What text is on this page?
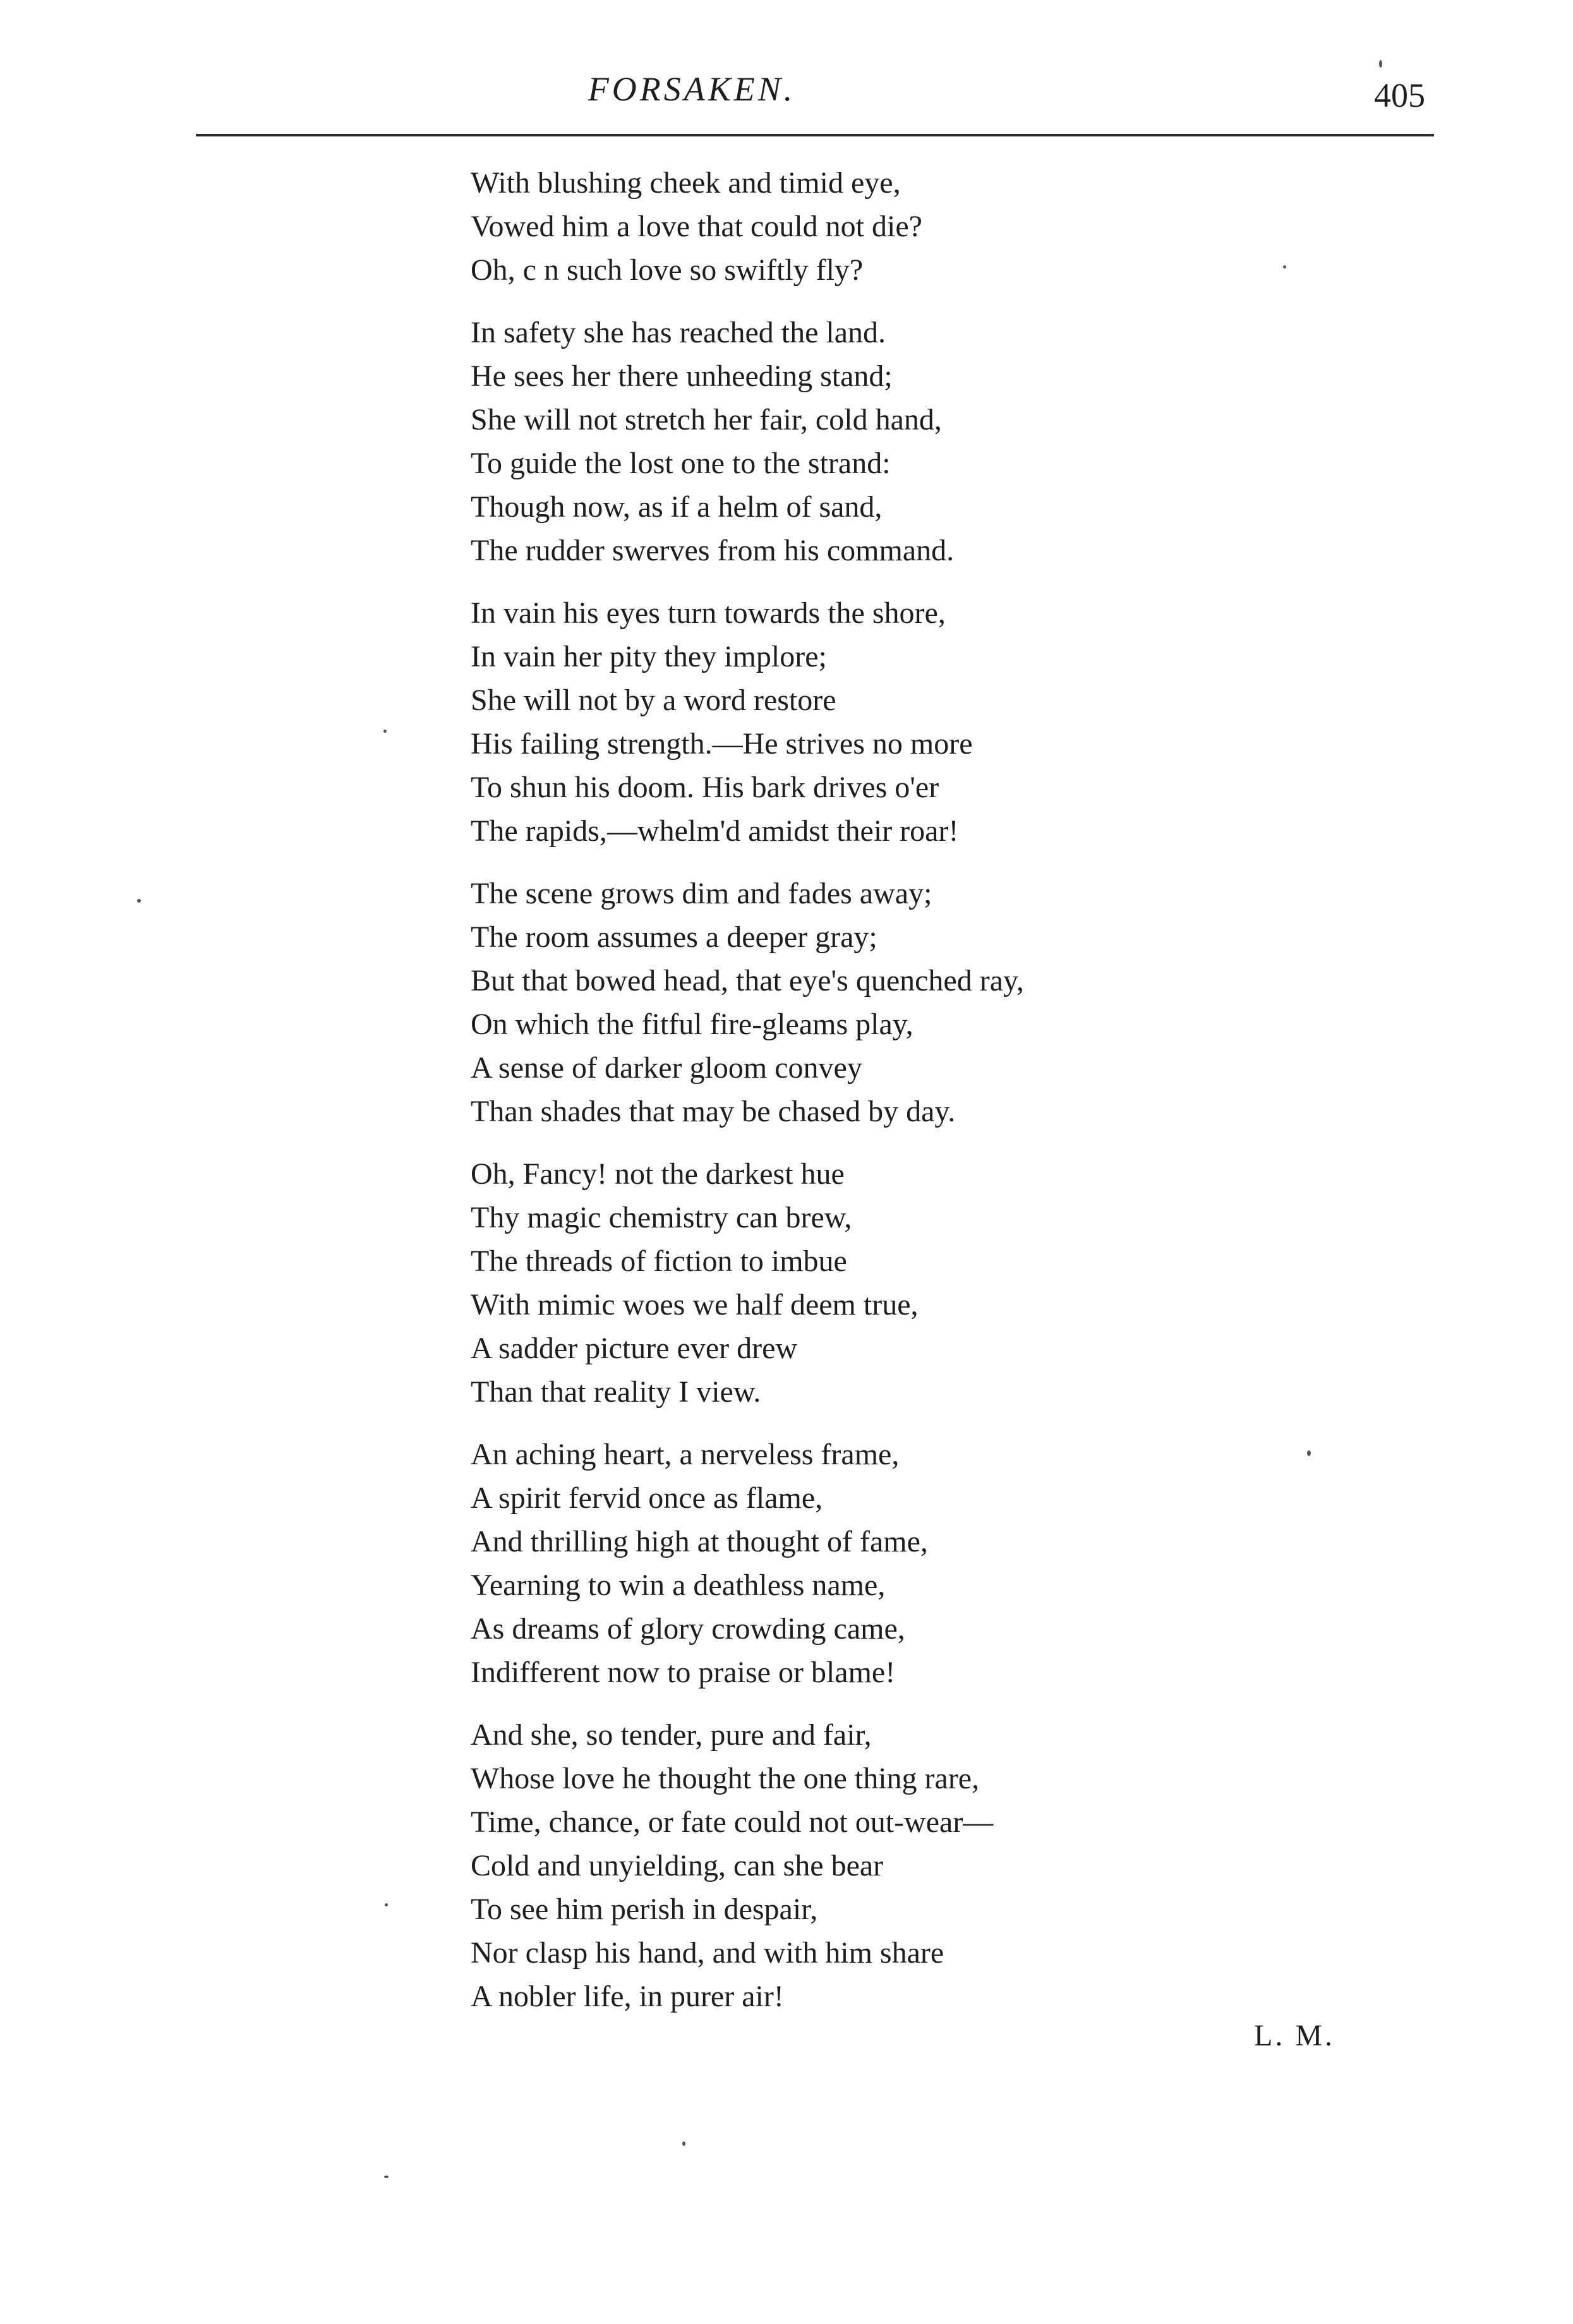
FORSAKEN.	405
With blushing cheek and timid eye,
Vowed him a love that could not die?
Oh, c n such love so swiftly fly?
In safety she has reached the land.
He sees her there unheeding stand;
She will not stretch her fair, cold hand,
To guide the lost one to the strand:
Though now, as if a helm of sand,
The rudder swerves from his command.
In vain his eyes turn towards the shore,
In vain her pity they implore;
She will not by a word restore
His failing strength.—He strives no more
To shun his doom. His bark drives o'er
The rapids,—whelm'd amidst their roar!
The scene grows dim and fades away;
The room assumes a deeper gray;
But that bowed head, that eye's quenched ray,
On which the fitful fire-gleams play,
A sense of darker gloom convey
Than shades that may be chased by day.
Oh, Fancy! not the darkest hue
Thy magic chemistry can brew,
The threads of fiction to imbue
With mimic woes we half deem true,
A sadder picture ever drew
Than that reality I view.
An aching heart, a nerveless frame,
A spirit fervid once as flame,
And thrilling high at thought of fame,
Yearning to win a deathless name,
As dreams of glory crowding came,
Indifferent now to praise or blame!
And she, so tender, pure and fair,
Whose love he thought the one thing rare,
Time, chance, or fate could not out-wear—
Cold and unyielding, can she bear
To see him perish in despair,
Nor clasp his hand, and with him share
A nobler life, in purer air!
L. M.
